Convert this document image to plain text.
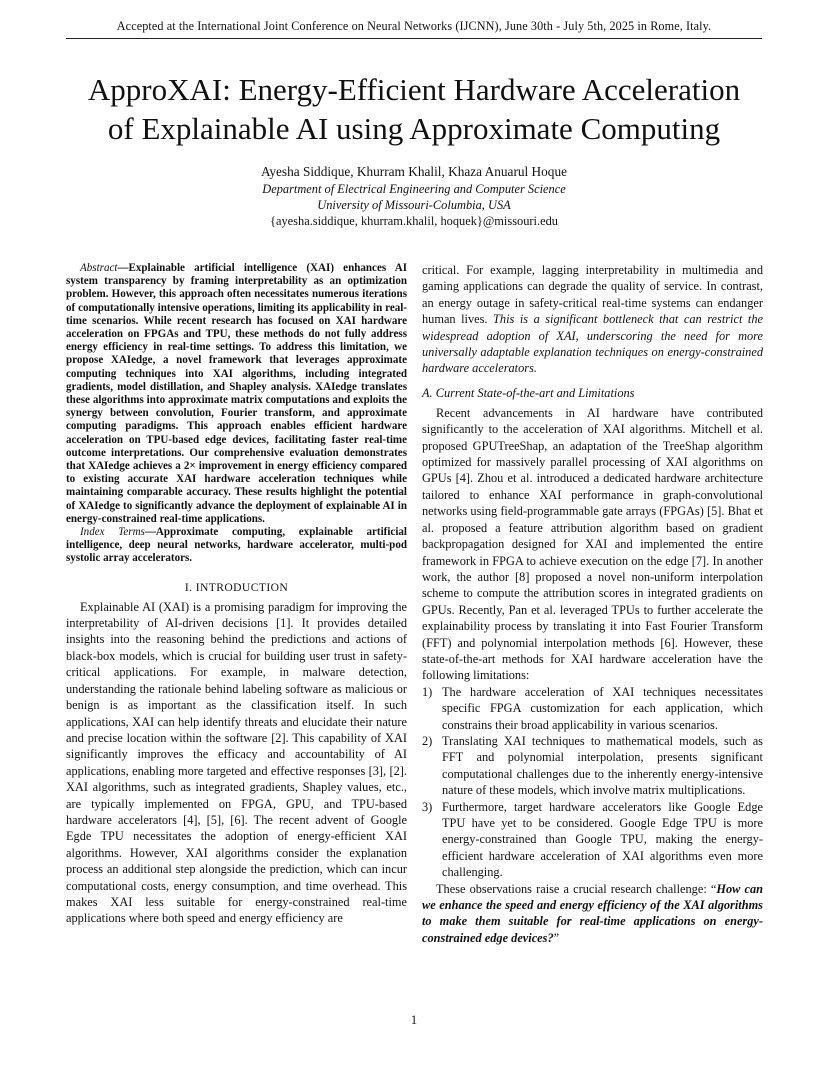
Accepted at the International Joint Conference on Neural Networks (IJCNN), June 30th - July 5th, 2025 in Rome, Italy.
ApproXAI: Energy-Efficient Hardware Acceleration
of Explainable AI using Approximate Computing
Ayesha Siddique, Khurram Khalil, Khaza Anuarul Hoque
Department of Electrical Engineering and Computer Science
University of Missouri-Columbia, USA
{ayesha.siddique, khurram.khalil, hoquek}@missouri.edu

Abstract—Explainable artificial intelligence (XAI) enhances AI system transparency by framing interpretability as an optimization problem. However, this approach often necessitates numerous iterations of computationally intensive operations, limiting its applicability in real-time scenarios. While recent research has focused on XAI hardware acceleration on FPGAs and TPU, these methods do not fully address energy efficiency in real-time settings. To address this limitation, we propose XAIedge, a novel framework that leverages approximate computing techniques into XAI algorithms, including integrated gradients, model distillation, and Shapley analysis. XAIedge translates these algorithms into approximate matrix computations and exploits the synergy between convolution, Fourier transform, and approximate computing paradigms. This approach enables efficient hardware acceleration on TPU-based edge devices, facilitating faster real-time outcome interpretations. Our comprehensive evaluation demonstrates that XAIedge achieves a 2× improvement in energy efficiency compared to existing accurate XAI hardware acceleration techniques while maintaining comparable accuracy. These results highlight the potential of XAIedge to significantly advance the deployment of explainable AI in energy-constrained real-time applications.

Index Terms—Approximate computing, explainable artificial intelligence, deep neural networks, hardware accelerator, multi-pod systolic array accelerators.

I. INTRODUCTION

Explainable AI (XAI) is a promising paradigm for improving the interpretability of AI-driven decisions [1]. It provides detailed insights into the reasoning behind the predictions and actions of black-box models, which is crucial for building user trust in safety-critical applications. For example, in malware detection, understanding the rationale behind labeling software as malicious or benign is as important as the classification itself. In such applications, XAI can help identify threats and elucidate their nature and precise location within the software [2]. This capability of XAI significantly improves the efficacy and accountability of AI applications, enabling more targeted and effective responses [3], [2]. XAI algorithms, such as integrated gradients, Shapley values, etc., are typically implemented on FPGA, GPU, and TPU-based hardware accelerators [4], [5], [6]. The recent advent of Google Egde TPU necessitates the adoption of energy-efficient XAI algorithms. However, XAI algorithms consider the explanation process an additional step alongside the prediction, which can incur computational costs, energy consumption, and time overhead. This makes XAI less suitable for energy-constrained real-time applications where both speed and energy efficiency are

critical. For example, lagging interpretability in multimedia and gaming applications can degrade the quality of service. In contrast, an energy outage in safety-critical real-time systems can endanger human lives. This is a significant bottleneck that can restrict the widespread adoption of XAI, underscoring the need for more universally adaptable explanation techniques on energy-constrained hardware accelerators.

A. Current State-of-the-art and Limitations

Recent advancements in AI hardware have contributed significantly to the acceleration of XAI algorithms. Mitchell et al. proposed GPUTreeShap, an adaptation of the TreeShap algorithm optimized for massively parallel processing of XAI algorithms on GPUs [4]. Zhou et al. introduced a dedicated hardware architecture tailored to enhance XAI performance in graph-convolutional networks using field-programmable gate arrays (FPGAs) [5]. Bhat et al. proposed a feature attribution algorithm based on gradient backpropagation designed for XAI and implemented the entire framework in FPGA to achieve execution on the edge [7]. In another work, the author [8] proposed a novel non-uniform interpolation scheme to compute the attribution scores in integrated gradients on GPUs. Recently, Pan et al. leveraged TPUs to further accelerate the explainability process by translating it into Fast Fourier Transform (FFT) and polynomial interpolation methods [6]. However, these state-of-the-art methods for XAI hardware acceleration have the following limitations:

1) The hardware acceleration of XAI techniques necessitates specific FPGA customization for each application, which constrains their broad applicability in various scenarios.
2) Translating XAI techniques to mathematical models, such as FFT and polynomial interpolation, presents significant computational challenges due to the inherently energy-intensive nature of these models, which involve matrix multiplications.
3) Furthermore, target hardware accelerators like Google Edge TPU have yet to be considered. Google Edge TPU is more energy-constrained than Google TPU, making the energy-efficient hardware acceleration of XAI algorithms even more challenging.

These observations raise a crucial research challenge: “How can we enhance the speed and energy efficiency of the XAI algorithms to make them suitable for real-time applications on energy-constrained edge devices?”

1
